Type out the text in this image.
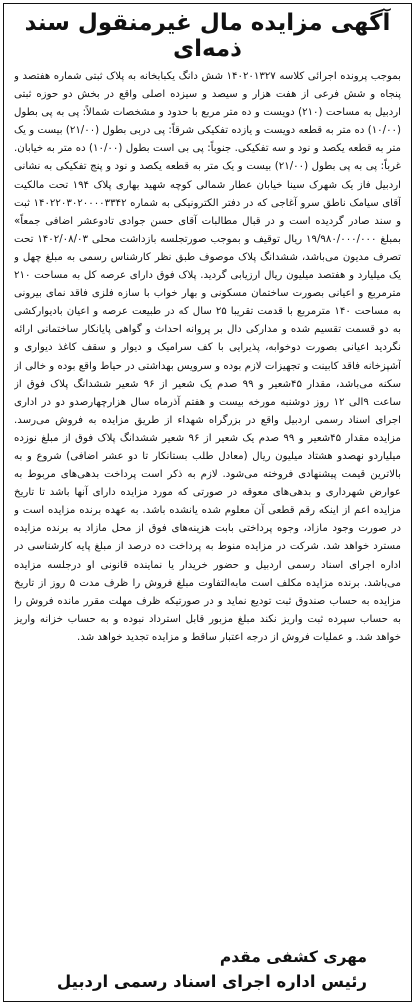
آگهی مزایده مال غیرمنقول سند ذمه‌ای
بموجب پرونده اجرائی کلاسه ۱۴۰۲۰۱۳۲۷ شش دانگ یکبابخانه به پلاک ثبتی شماره هفتصد و پنجاه و شش فرعی از هفت هزار و سیصد و سیزده اصلی واقع در بخش دو حوزه ثبتی اردبیل به مساحت (۲۱۰) دویست و ده متر مربع با حدود و مشخصات شمالاً: پی به پی بطول (۱۰/۰۰) ده متر به قطعه دویست و یازده تفکیکی شرقاً: پی دربی بطول (۲۱/۰۰) بیست و یک متر به قطعه یکصد و نود و سه تفکیکی. جنوباً: پی بی است بطول (۱۰/۰۰) ده متر به خیابان. غرباً: پی به پی بطول (۲۱/۰۰) بیست و یک متر به قطعه یکصد و نود و پنج تفکیکی به نشانی اردبیل فاز یک شهرک سینا خیابان عطار شمالی کوچه شهید بهاری پلاک ۱۹۴ تحت مالکیت آقای سیامک ناطق سرو آغاجی که در دفتر الکترونیکی به شماره ۱۴۰۲۲۰۳۰۲۰۰۰۰۳۳۴۲ ثبت و سند صادر گردیده است و در قبال مطالبات آقای حسن جوادی تادوعشر اضافی جمعاً» بمبلغ ۱۹/۹۸۰/۰۰۰/۰۰۰ ریال توقیف و بموجب صورتجلسه بازداشت محلی ۱۴۰۲/۰۸/۰۳ تحت تصرف مدیون می‌باشد، ششدانگ پلاک موصوف طبق نظر کارشناس رسمی به مبلغ چهل و یک میلیارد و هفتصد میلیون ریال ارزیابی گردید. پلاک فوق دارای عرصه کل به مساحت ۲۱۰ مترمربع و اعیانی بصورت ساختمان مسکونی و بهار خواب با سازه فلزی فاقد نمای بیرونی به مساحت ۱۴۰ مترمربع با قدمت تقریبا ۲۵ سال که در طبیعت عرصه و اعیان بادیوارکشی به دو قسمت تقسیم شده و مدارکی دال بر پروانه احداث و گواهی پایانکار ساختمانی ارائه نگردید اعیانی بصورت دوخوابه، پذیرایی با کف سرامیک و دیوار و سقف کاغذ دیواری و آشپزخانه فاقد کابینت و تجهیزات لازم بوده و سرویس بهداشتی در حیاط واقع بوده و خالی از سکنه می‌باشد، مقدار ۴۵شعیر و ۹۹ صدم یک شعیر از ۹۶ شعیر ششدانگ پلاک فوق از ساعت ۹الی ۱۲ روز دوشنبه مورخه بیست و هفتم آذرماه سال هزارچهارصدو دو در اداری اجرای اسناد رسمی اردبیل واقع در بزرگراه شهداء از طریق مزایده به فروش می‌رسد. مزایده مقدار ۴۵شعیر و ۹۹ صدم یک شعیر از ۹۶ شعیر ششدانگ پلاک فوق از مبلغ نوزده میلیاردو نهصدو هشتاد میلیون ریال (معادل طلب بستانکار تا دو عشر اضافی) شروع و به بالاترین قیمت پیشنهادی فروخته می‌شود. لازم به ذکر است پرداخت بدهی‌های مربوط به عوارض شهرداری و بدهی‌های معوقه در صورتی که مورد مزایده دارای آنها باشد تا تاریخ مزایده اعم از اینکه رقم قطعی آن معلوم شده یانشده باشد. به عهده برنده مزایده است و در صورت وجود مازاد، وجوه پرداختی بابت هزینه‌های فوق از محل مازاد به برنده مزایده مسترد خواهد شد. شرکت در مزایده منوط به پرداخت ده درصد از مبلغ پایه کارشناسی در اداره اجرای اسناد رسمی اردبیل و حضور خریدار یا نماینده قانونی او درجلسه مزایده می‌باشد. برنده مزایده مکلف است مابه‌التفاوت مبلغ فروش را ظرف مدت ۵ روز از تاریخ مزایده به حساب صندوق ثبت تودیع نماید و در صورتیکه ظرف مهلت مقرر مانده فروش را به حساب سپرده ثبت واریز نکند مبلغ مزبور قابل استرداد نبوده و به حساب خزانه واریز خواهد شد. و عملیات فروش از درجه اعتبار ساقط و مزایده تجدید خواهد شد.
مهری کشفی مقدم
رئیس اداره اجرای اسناد رسمی اردبیل
